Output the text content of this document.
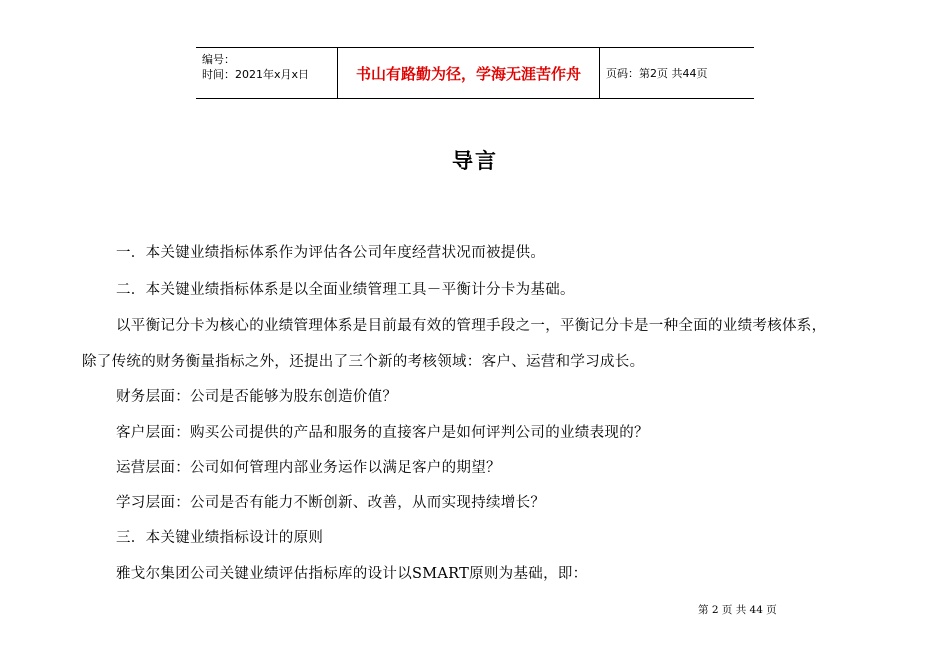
编号：
时间：2021年x月x日	书山有路勤为径，学海无涯苦作舟 页码：第2页 共44页
导言
一．本关键业绩指标体系作为评估各公司年度经营状况而被提供。
二．本关键业绩指标体系是以全面业绩管理工具－平衡计分卡为基础。
以平衡记分卡为核心的业绩管理体系是目前最有效的管理手段之一，平衡记分卡是一种全面的业绩考核体系，
除了传统的财务衡量指标之外，还提出了三个新的考核领域：客户、运营和学习成长。
财务层面：公司是否能够为股东创造价值？
客户层面：购买公司提供的产品和服务的直接客户是如何评判公司的业绩表现的？
运营层面：公司如何管理内部业务运作以满足客户的期望？
学习层面：公司是否有能力不断创新、改善，从而实现持续增长？
三．本关键业绩指标设计的原则
雅戈尔集团公司关键业绩评估指标库的设计以SMART原则为基础，即：
第 2 页 共 44 页
